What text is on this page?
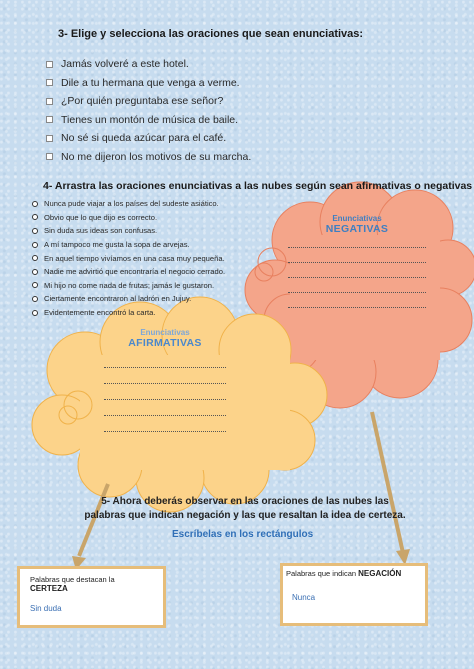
3- Elige y selecciona las oraciones que sean enunciativas:
Jamás volveré a este hotel.
Dile a tu hermana que venga a verme.
¿Por quién preguntaba ese señor?
Tienes un montón de música de baile.
No sé si queda azúcar para el café.
No me dijeron los motivos de su marcha.
4- Arrastra las oraciones enunciativas a las nubes según sean afirmativas o negativas
Nunca pude viajar a los países del sudeste asiático.
Obvio que lo que dijo es correcto.
Sin duda sus ideas son confusas.
A mí tampoco me gusta la sopa de arvejas.
En aquel tiempo vivíamos en una casa muy pequeña.
Nadie me advirtió que encontraría el negocio cerrado.
Mi hijo no come nada de frutas; jamás le gustaron.
Ciertamente encontraron al ladrón en Jujuy.
Evidentemente encontró la carta.
Enunciativas
NEGATIVAS
Enunciativas
AFIRMATIVAS
5- Ahora deberás observar en las oraciones de las nubes las
palabras que indican negación y las que resaltan la idea de certeza.
Escríbelas en los rectángulos
Palabras que destacan la CERTEZA
Sin duda
Palabras que indican NEGACIÓN
Nunca
